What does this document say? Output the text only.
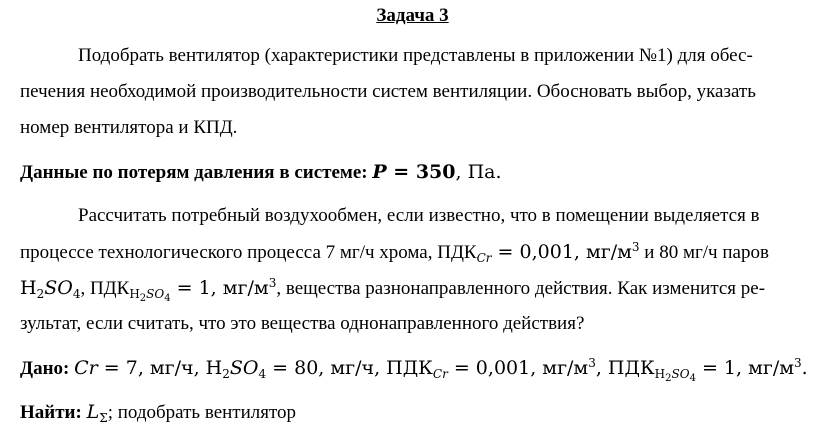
Задача 3
Подобрать вентилятор (характеристики представлены в приложении №1) для обес-
печения необходимой производительности систем вентиляции. Обосновать выбор, указать
номер вентилятора и КПД.
Данные по потерям давления в системе: P = 350, Па.
Рассчитать потребный воздухообмен, если известно, что в помещении выделяется в
процессе технологического процесса 7 мг/ч хрома, $ПДК_{Cr} = 0,001$, $мг/м^3$ и 80 мг/ч паров
$H_2SO_4$, $ПДК_{H_2SO_4} = 1$, $мг/м^3$, вещества разнонаправленного действия. Как изменится ре-
зультат, если считать, что это вещества однонаправленного действия?
Дано: Cr = 7, мг/ч, $H_2SO_4 = 80$, мг/ч, $ПДК_{Cr} = 0,001$, $мг/м^3$, $ПДК_{H_2SO_4} = 1$, $мг/м^3$.
Найти: $L_\Sigma$; подобрать вентилятор
